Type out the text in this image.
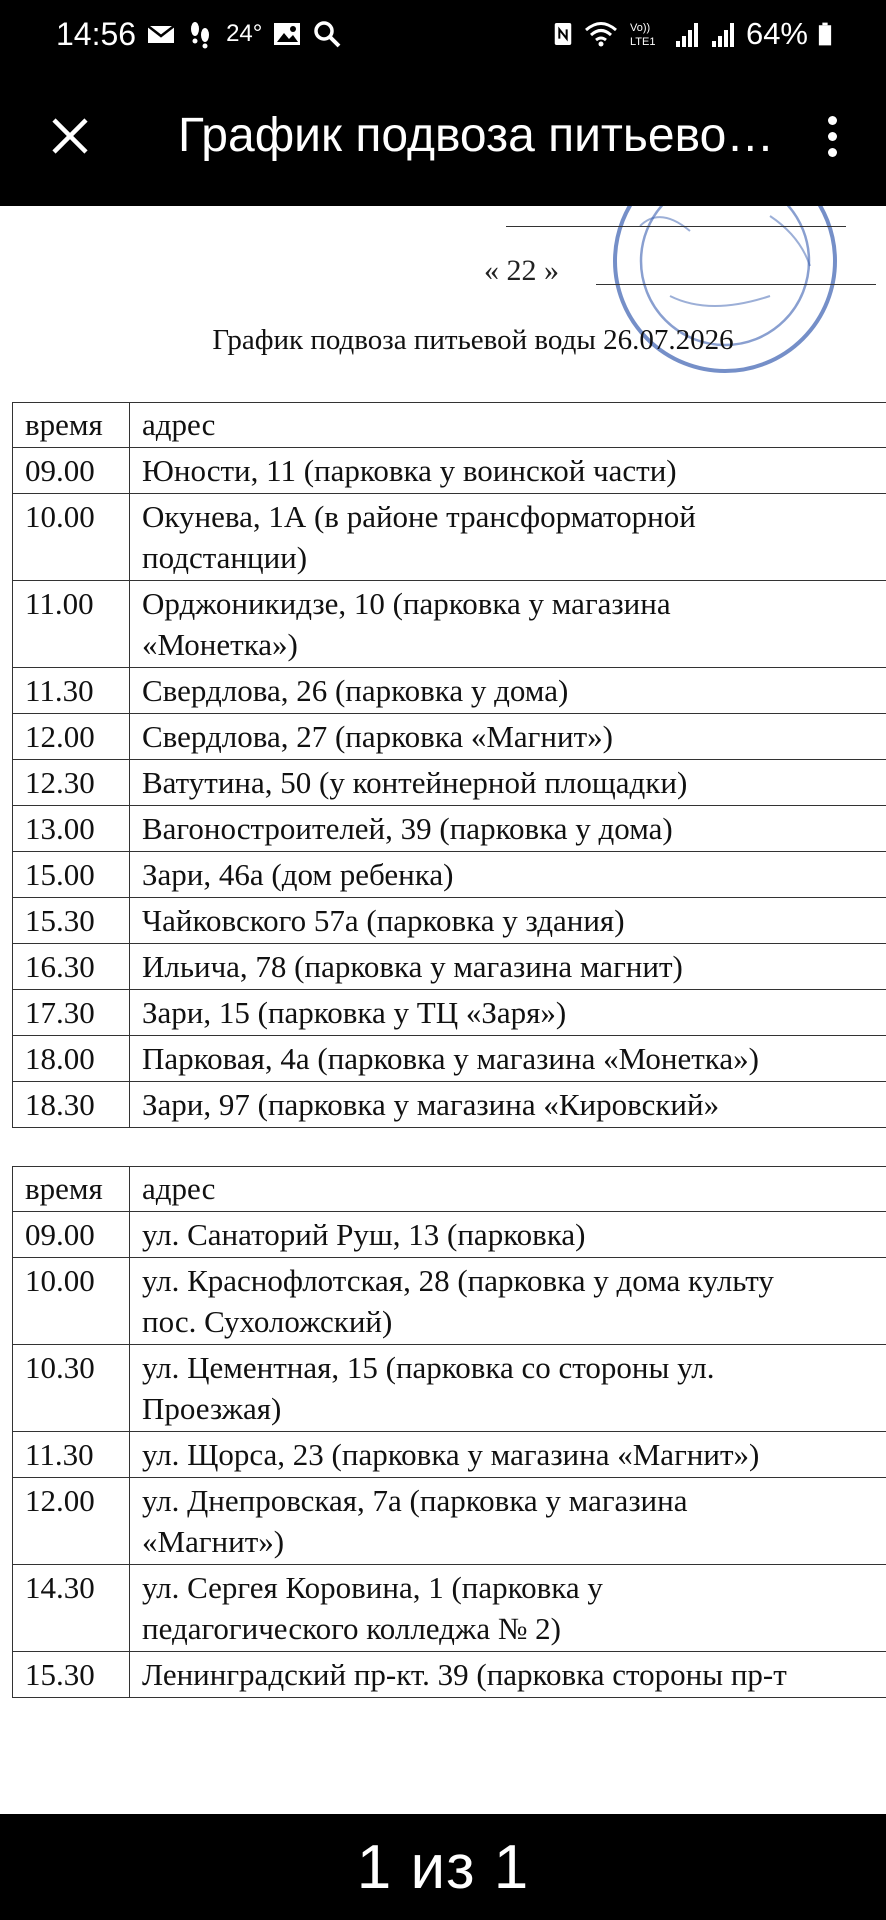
14:56	24°	Vo))
LTE1	64%
График подвоза питьево…
« 22 »
График подвоза питьевой воды 26.07.2026
время	адрес
09.00	Юности, 11 (парковка у воинской части)

10.00	Окунева, 1А (в районе трансформаторной
подстанции)

11.00	Орджоникидзе, 10 (парковка у магазина
«Монетка»)

11.30	Свердлова, 26 (парковка у дома)

12.00	Свердлова, 27 (парковка «Магнит»)

12.30	Ватутина, 50 (у контейнерной площадки)

13.00	Вагоностроителей, 39 (парковка у дома)

15.00	Зари, 46а (дом ребенка)

15.30	Чайковского 57а (парковка у здания)

16.30	Ильича, 78 (парковка у магазина магнит)

17.30	Зари, 15 (парковка у ТЦ «Заря»)

18.00	Парковая, 4а (парковка у магазина «Монетка»)

18.30	Зари, 97 (парковка у магазина «Кировский»
время	адрес
09.00	ул. Санаторий Руш, 13 (парковка)

10.00	ул. Краснофлотская, 28 (парковка у дома культу
пос. Сухоложский)

10.30	ул. Цементная, 15 (парковка со стороны ул.
Проезжая)

11.30	ул. Щорса, 23 (парковка у магазина «Магнит»)

12.00	ул. Днепровская, 7а (парковка у магазина
«Магнит»)

14.30	ул. Сергея Коровина, 1 (парковка у
педагогического колледжа № 2)

15.30	Ленинградский пр-кт. 39 (парковка стороны пр-т
1 из 1
